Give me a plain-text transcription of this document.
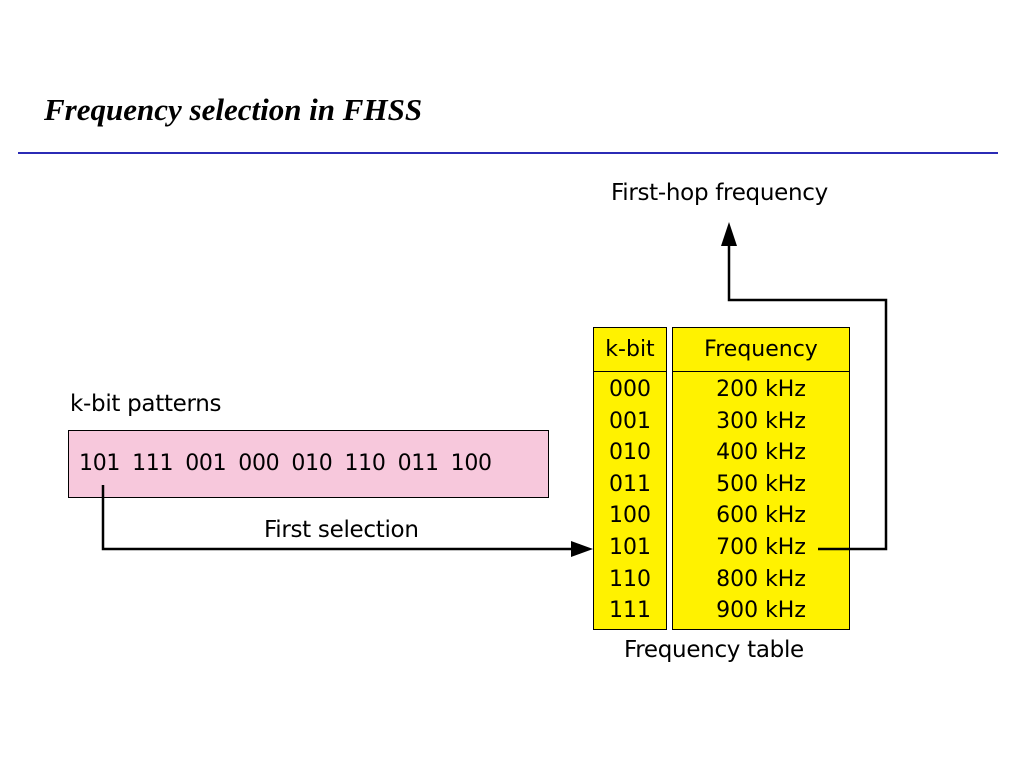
Frequency selection in FHSS
k-bit patterns
101 111 001 000 010 110 011 100
First selection
First-hop frequency
k-bit
000
001
010
011
100
101
110
111
Frequency
200 kHz
300 kHz
400 kHz
500 kHz
600 kHz
700 kHz
800 kHz
900 kHz
Frequency table
